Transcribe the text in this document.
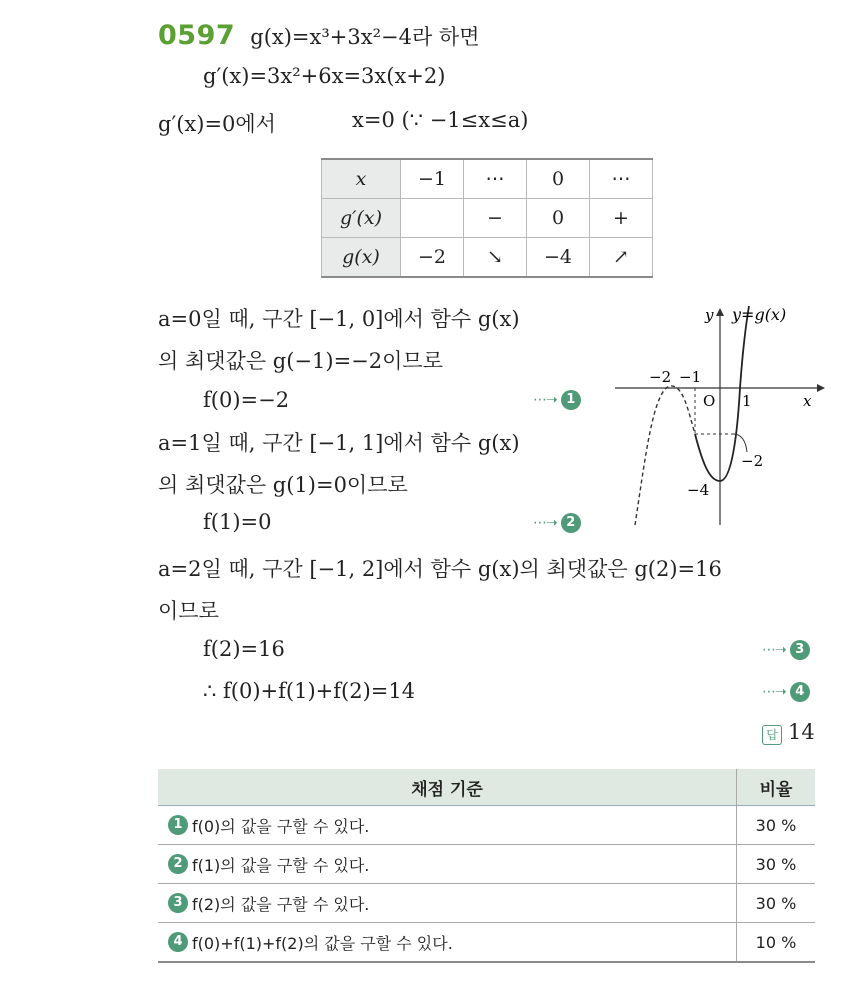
0597 g(x)=x³+3x²−4라 하면
g′(x)=3x²+6x=3x(x+2)
g′(x)=0에서	x=0 (∵ −1≤x≤a)
x	−1	⋯	0	⋯
g′(x)		−	0	+
g(x)	−2	↘	−4	↗
a=0일 때, 구간 [−1, 0]에서 함수 g(x)
의 최댓값은 g(−1)=−2이므로
f(0)=−2	⋯➝ 1
a=1일 때, 구간 [−1, 1]에서 함수 g(x)
의 최댓값은 g(1)=0이므로
f(1)=0	⋯➝ 2
a=2일 때, 구간 [−1, 2]에서 함수 g(x)의 최댓값은 g(2)=16
이므로
f(2)=16	⋯➝ 3
∴ f(0)+f(1)+f(2)=14	⋯➝ 4
답 14
y y=g(x)
x
O
−2 −1
1
−2
−4
채점 기준	비율
1 f(0)의 값을 구할 수 있다.	30 %
2 f(1)의 값을 구할 수 있다.	30 %
3 f(2)의 값을 구할 수 있다.	30 %
4 f(0)+f(1)+f(2)의 값을 구할 수 있다.	10 %
